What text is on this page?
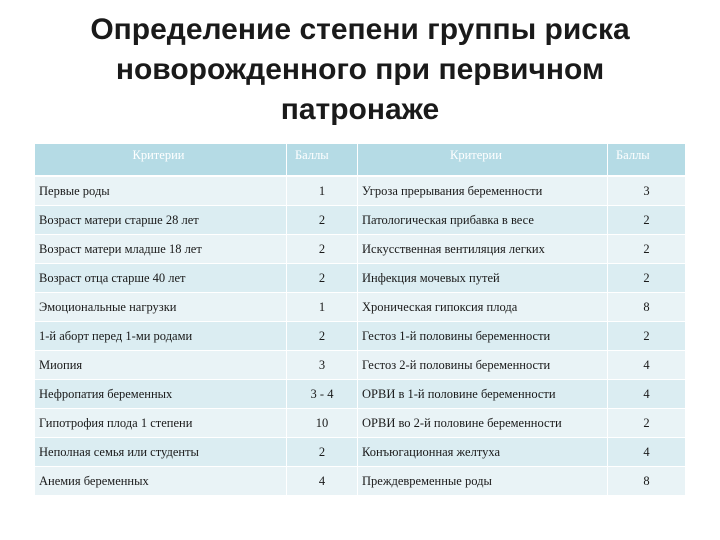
Определение степени группы риска
новорожденного при первичном
патронаже
Критерии	Баллы	Критерии	Баллы
Первые роды	1	Угроза прерывания беременности	3
Возраст матери старше 28 лет	2	Патологическая прибавка в весе	2
Возраст матери младше 18 лет	2	Искусственная вентиляция легких	2
Возраст отца старше 40 лет	2	Инфекция мочевых путей	2
Эмоциональные нагрузки	1	Хроническая гипоксия плода	8
1-й аборт перед 1-ми родами	2	Гестоз 1-й половины беременности	2
Миопия	3	Гестоз 2-й половины беременности	4
Нефропатия беременных	3 - 4	ОРВИ в 1-й половине беременности	4
Гипотрофия плода 1 степени	10	ОРВИ во 2-й половине беременности	2
Неполная семья или студенты	2	Конъюгационная желтуха	4
Анемия беременных	4	Преждевременные роды	8
